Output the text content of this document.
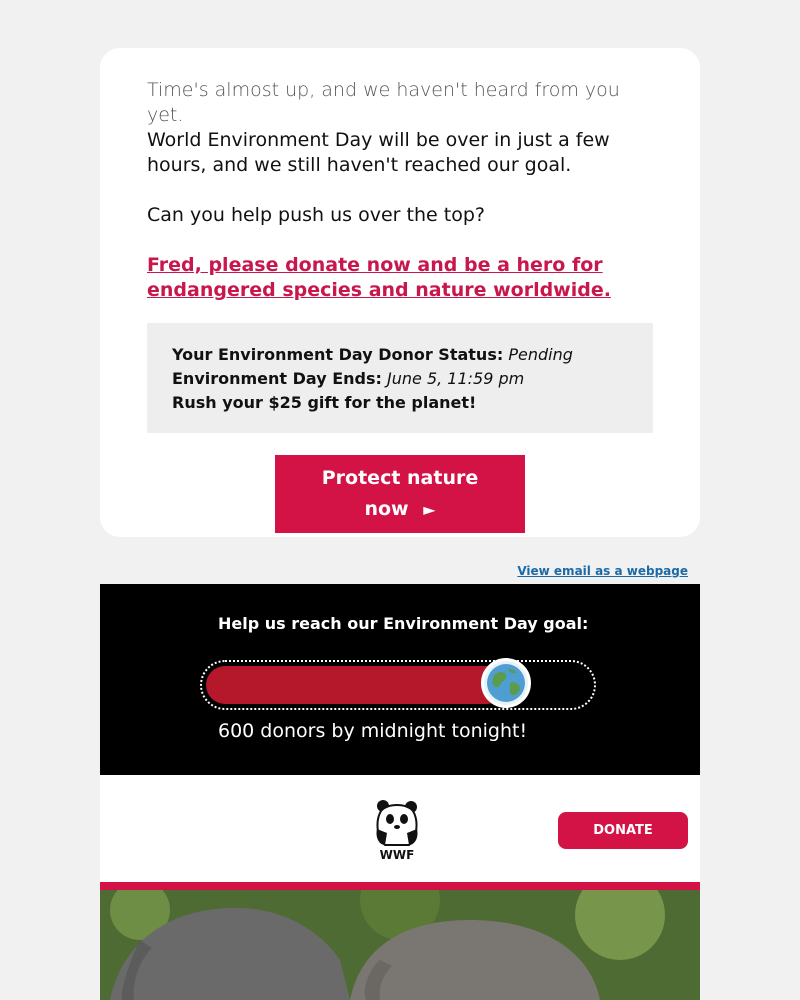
Time's almost up, and we haven't heard from you yet.
World Environment Day will be over in just a few hours, and we still haven't reached our goal.

Can you help push us over the top?

Fred, please donate now and be a hero for endangered species and nature worldwide.
Your Environment Day Donor Status: Pending
Environment Day Ends: June 5, 11:59 pm
Rush your $25 gift for the planet!
Protect nature
now ►
View email as a webpage
Help us reach our Environment Day goal:
600 donors by midnight tonight!
WWF
DONATE
